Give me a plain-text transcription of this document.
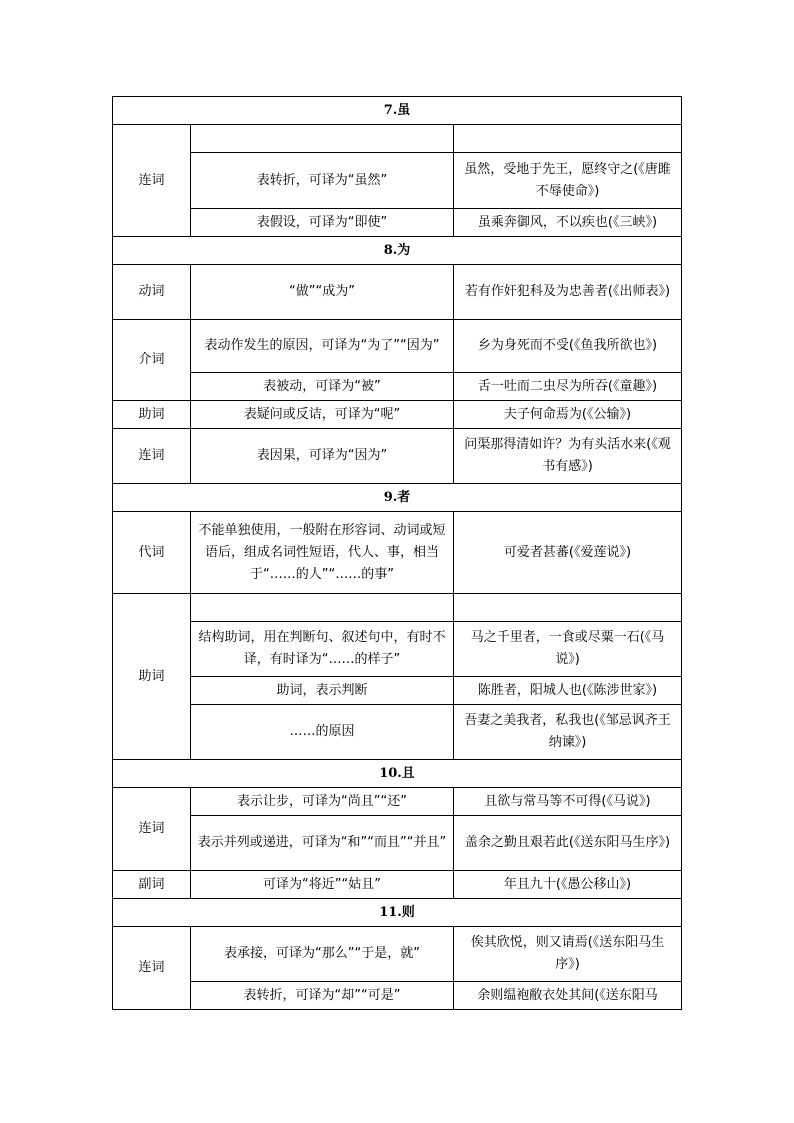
7.虽		
连词		
	表转折，可译为“虽然”	虽然，受地于先王，愿终守之(《唐雎不辱使命》)
	表假设，可译为“即使”	虽乘奔御风，不以疾也(《三峡》)
8.为		
动词	“做”“成为”	若有作奸犯科及为忠善者(《出师表》)
介词	表动作发生的原因，可译为“为了”“因为”	乡为身死而不受(《鱼我所欲也》)
	表被动，可译为“被”	舌一吐而二虫尽为所吞(《童趣》)
助词	表疑问或反诘，可译为“呢”	夫子何命焉为(《公输》)
连词	表因果，可译为“因为”	问渠那得清如许？为有头活水来(《观书有感》)
9.者		
代词	不能单独使用，一般附在形容词、动词或短语后，组成名词性短语，代人、事，相当于“……的人”“……的事”	可爱者甚蕃(《爱莲说》)
助词		
	结构助词，用在判断句、叙述句中，有时不译，有时译为“……的样子”	马之千里者，一食或尽粟一石(《马说》)
	助词，表示判断	陈胜者，阳城人也(《陈涉世家》)
	……的原因	吾妻之美我者，私我也(《邹忌讽齐王纳谏》)
10.且		
连词	表示让步，可译为“尚且”“还”	且欲与常马等不可得(《马说》)
	表示并列或递进，可译为“和”“而且”“并且”	盖余之勤且艰若此(《送东阳马生序》)
副词	可译为“将近”“姑且”	年且九十(《愚公移山》)
11.则		
连词	表承接，可译为“那么”“于是，就”	俟其欣悦，则又请焉(《送东阳马生序》)
	表转折，可译为“却”“可是”	余则缊袍敝衣处其间(《送东阳马
